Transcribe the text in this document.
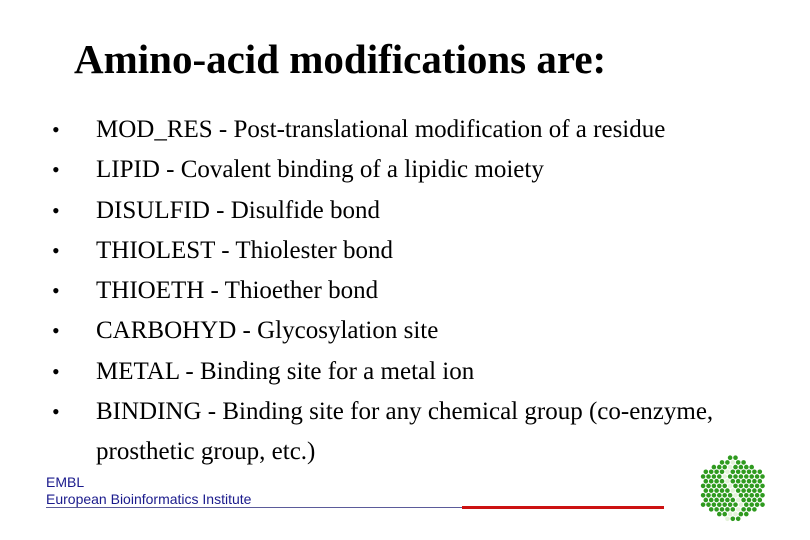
Amino-acid modifications are:
• MOD_RES - Post-translational modification of a residue
• LIPID - Covalent binding of a lipidic moiety
• DISULFID - Disulfide bond
• THIOLEST - Thiolester bond
• THIOETH - Thioether bond
• CARBOHYD - Glycosylation site
• METAL - Binding site for a metal ion
• BINDING - Binding site for any chemical group (co-enzyme, prosthetic group, etc.)
EMBL
European Bioinformatics Institute
